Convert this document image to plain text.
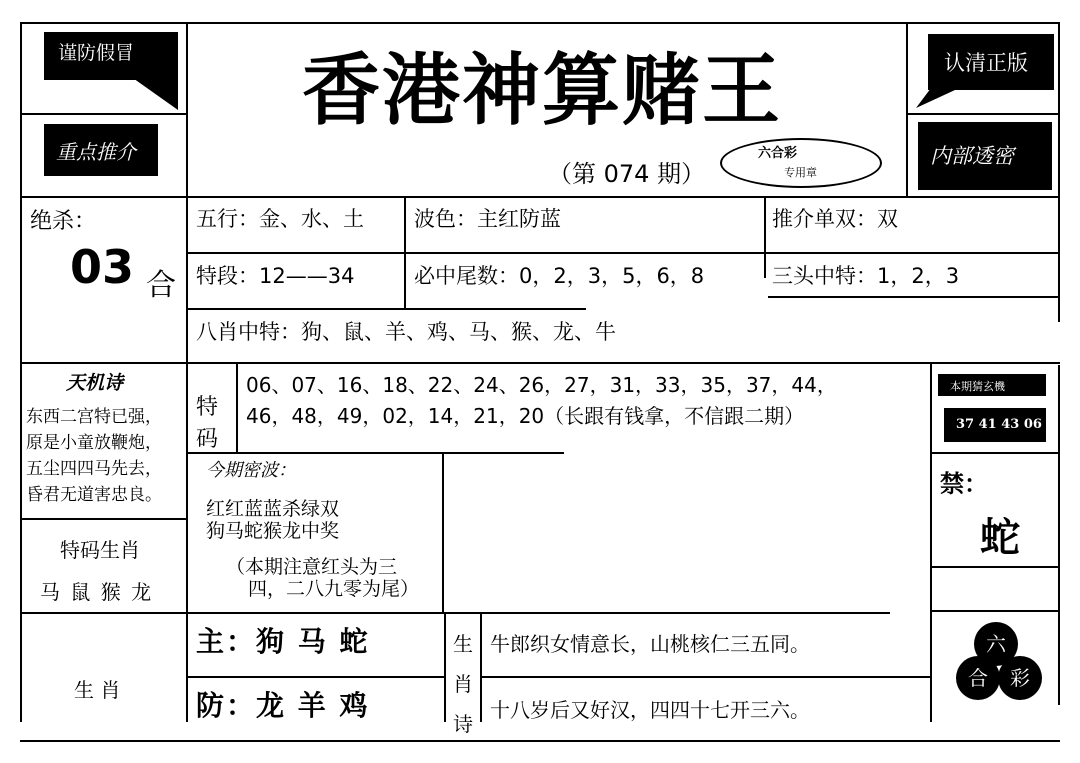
谨防假冒
重点推介
香港神算赌王
（第 074 期）
六合彩
专用章
认清正版
内部透密
绝杀：
03 合
五行：金、水、土 波色：主红防蓝	推介单双：双
特段：12——34	必中尾数：0，2，3，5，6，8	三头中特：1，2，3
八肖中特：狗、鼠、羊、鸡、马、猴、龙、牛
天机诗
东西二宫特已强，
原是小童放鞭炮，
五尘四四马先去，
昏君无道害忠良。
特
码
06、07、16、18、22、24、26，27，31，33，35，37，44，
46，48，49，02，14，21，20（长跟有钱拿，不信跟二期）
本期猜玄機
37 41 43 06
今期密波：
红红蓝蓝杀绿双
狗马蛇猴龙中奖
（本期注意红头为三
四，二八九零为尾）
禁：
蛇
特码生肖
马 鼠 猴 龙
生 肖
主：狗 马 蛇
防：龙 羊 鸡
生
肖
诗
牛郎织女情意长，山桃核仁三五同。
十八岁后又好汉，四四十七开三六。
六
合	彩
